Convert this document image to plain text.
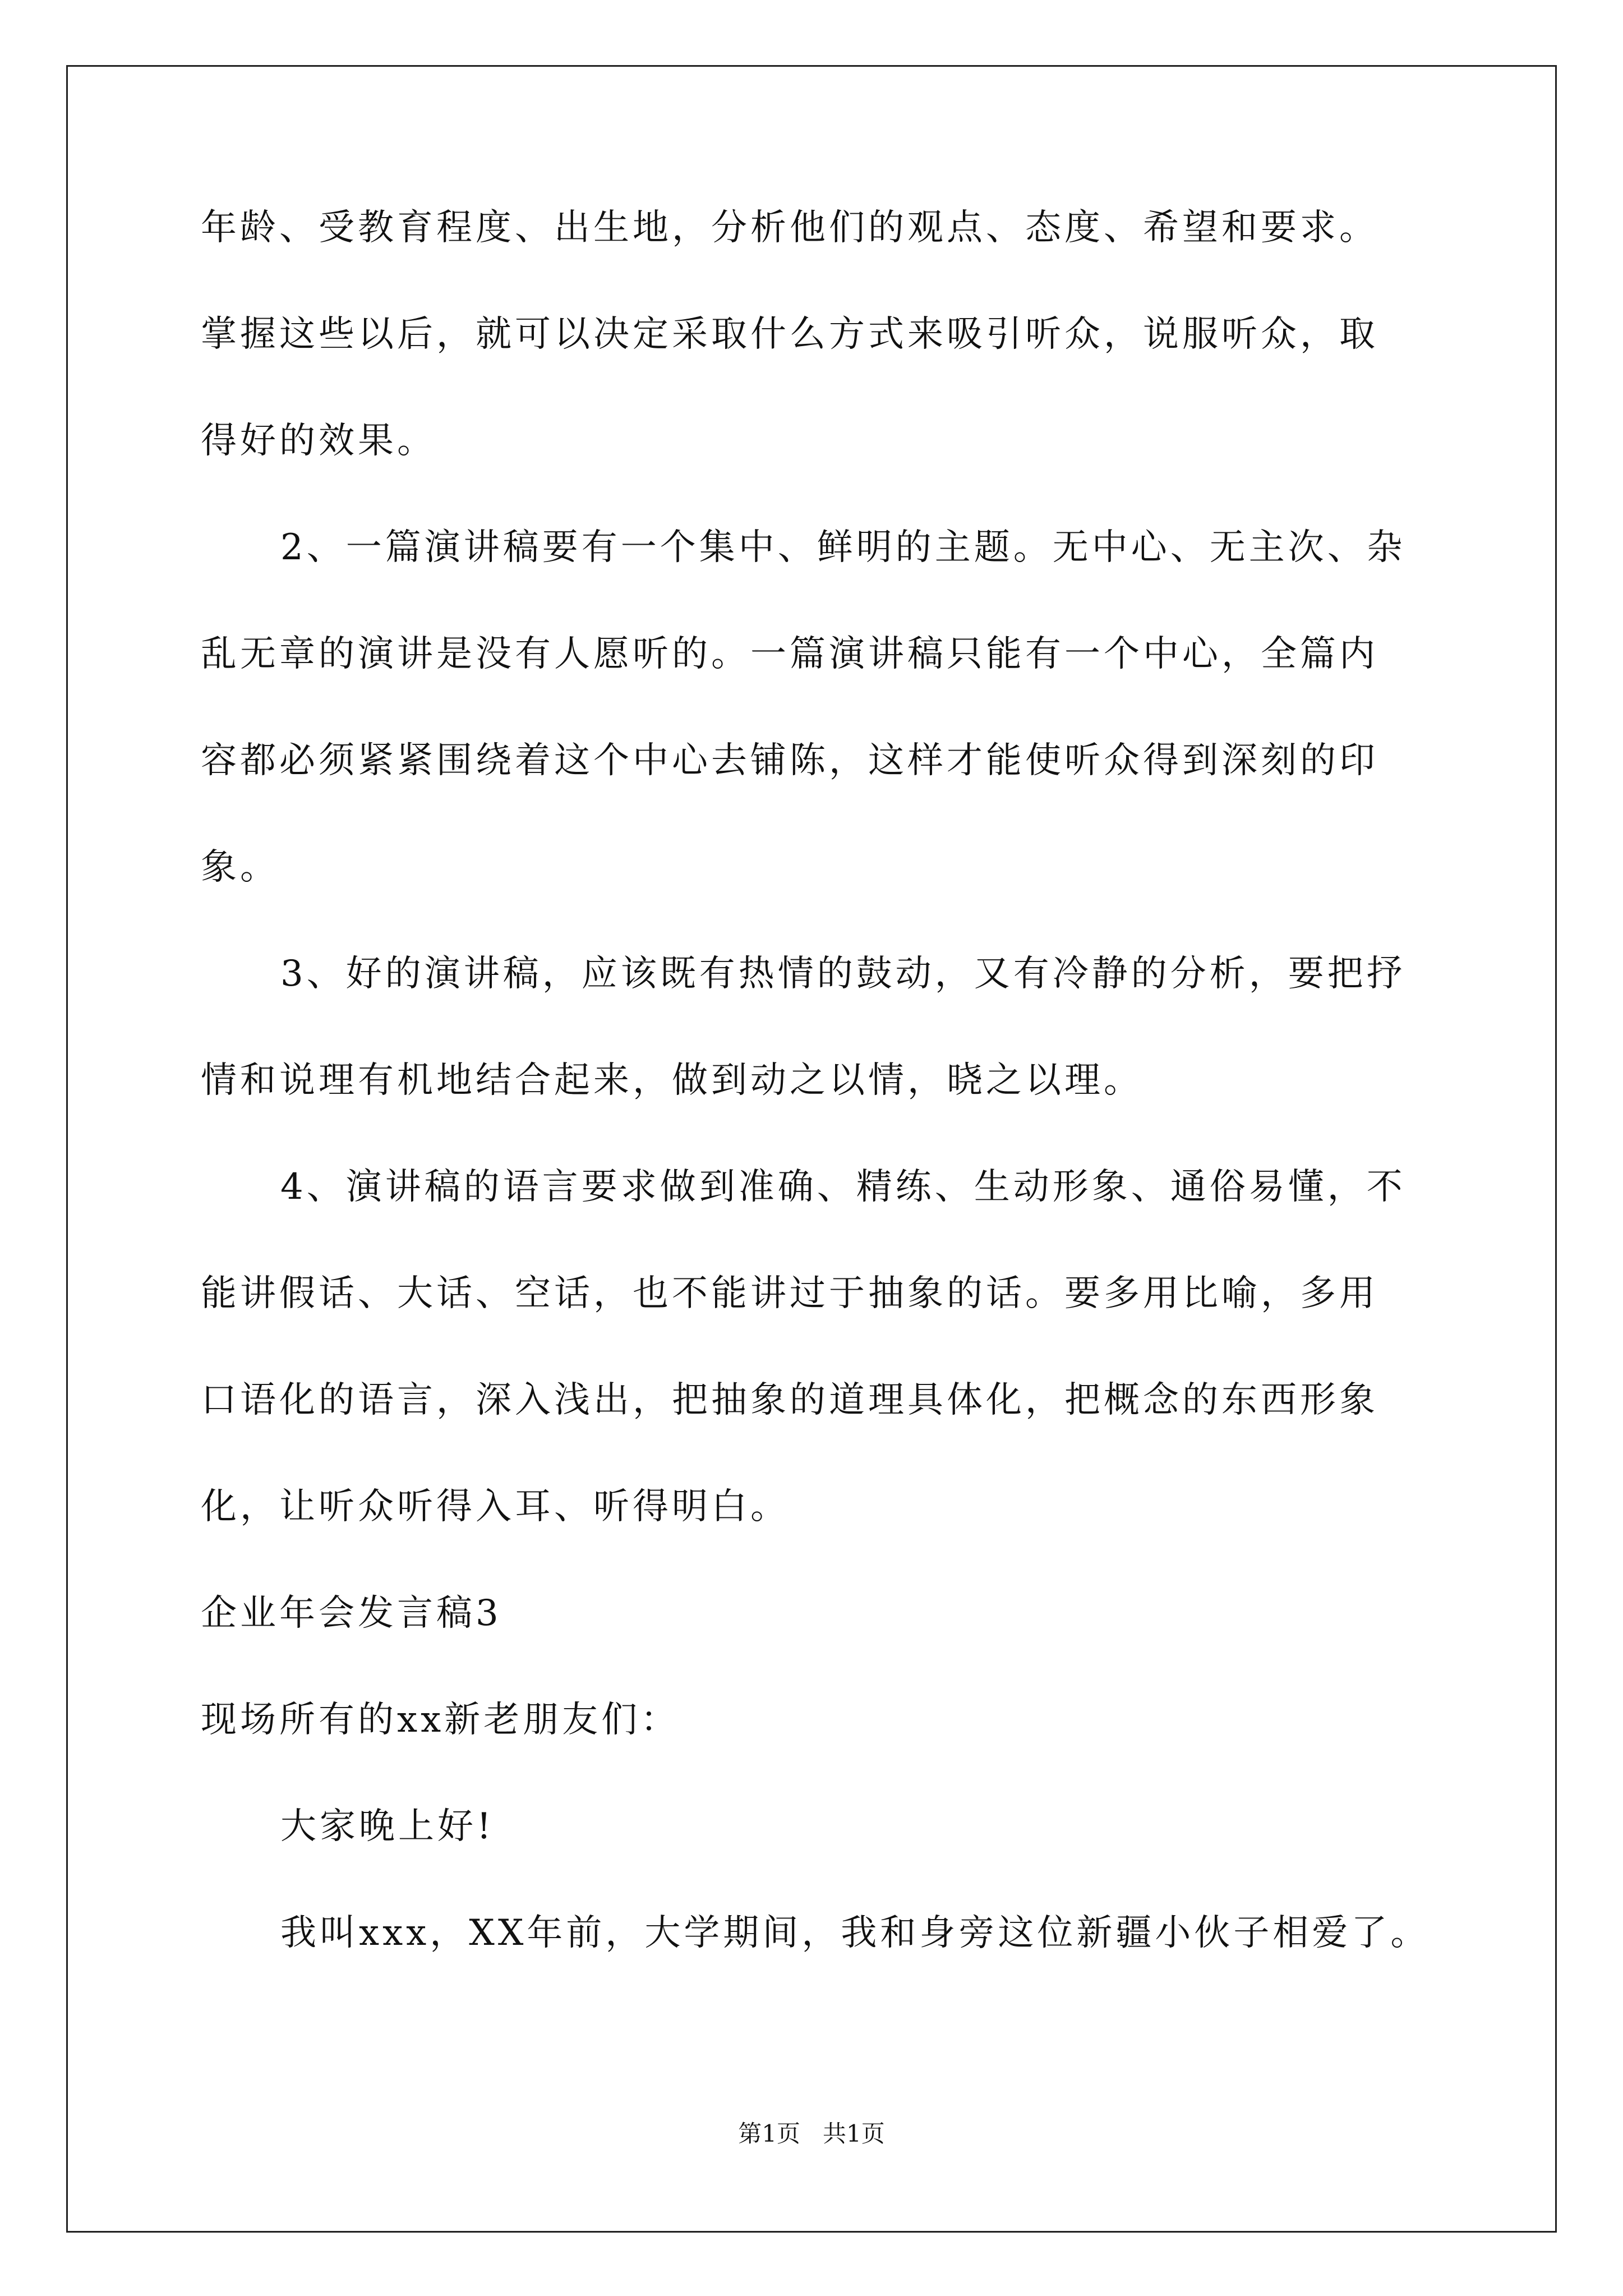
年龄、受教育程度、出生地，分析他们的观点、态度、希望和要求。
掌握这些以后，就可以决定采取什么方式来吸引听众，说服听众，取
得好的效果。
2、一篇演讲稿要有一个集中、鲜明的主题。无中心、无主次、杂
乱无章的演讲是没有人愿听的。一篇演讲稿只能有一个中心，全篇内
容都必须紧紧围绕着这个中心去铺陈，这样才能使听众得到深刻的印
象。
3、好的演讲稿，应该既有热情的鼓动，又有冷静的分析，要把抒
情和说理有机地结合起来，做到动之以情，晓之以理。
4、演讲稿的语言要求做到准确、精练、生动形象、通俗易懂，不
能讲假话、大话、空话，也不能讲过于抽象的话。要多用比喻，多用
口语化的语言，深入浅出，把抽象的道理具体化，把概念的东西形象
化，让听众听得入耳、听得明白。
企业年会发言稿3
现场所有的xx新老朋友们：
大家晚上好!
我叫xxx，XX年前，大学期间，我和身旁这位新疆小伙子相爱了。
第1页   共1页
